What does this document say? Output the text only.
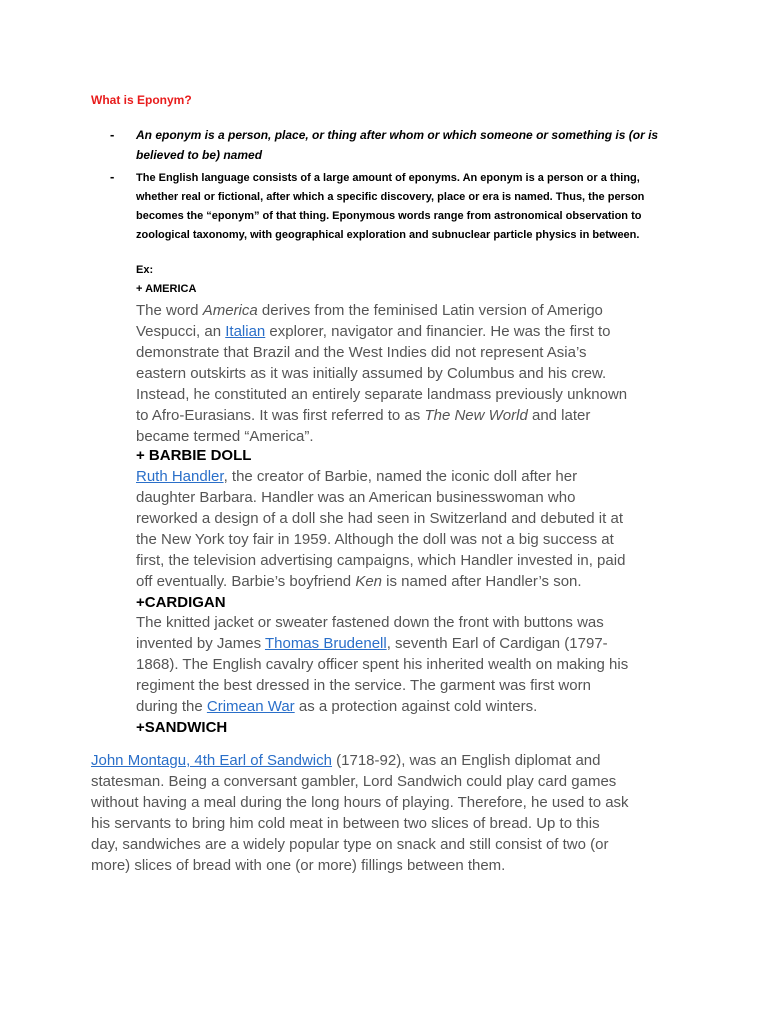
What is Eponym?
- An eponym is a person, place, or thing after whom or which someone or something is (or is believed to be) named
- The English language consists of a large amount of eponyms. An eponym is a person or a thing, whether real or fictional, after which a specific discovery, place or era is named. Thus, the person becomes the “eponym” of that thing. Eponymous words range from astronomical observation to zoological taxonomy, with geographical exploration and subnuclear particle physics in between.
Ex:
+ AMERICA
The word America derives from the feminised Latin version of Amerigo
Vespucci, an Italian explorer, navigator and financier. He was the first to
demonstrate that Brazil and the West Indies did not represent Asia’s
eastern outskirts as it was initially assumed by Columbus and his crew.
Instead, he constituted an entirely separate landmass previously unknown
to Afro-Eurasians. It was first referred to as The New World and later
became termed “America”.
+ BARBIE DOLL
Ruth Handler, the creator of Barbie, named the iconic doll after her
daughter Barbara. Handler was an American businesswoman who
reworked a design of a doll she had seen in Switzerland and debuted it at
the New York toy fair in 1959. Although the doll was not a big success at
first, the television advertising campaigns, which Handler invested in, paid
off eventually. Barbie’s boyfriend Ken is named after Handler’s son.
+CARDIGAN
The knitted jacket or sweater fastened down the front with buttons was
invented by James Thomas Brudenell, seventh Earl of Cardigan (1797-
1868). The English cavalry officer spent his inherited wealth on making his
regiment the best dressed in the service. The garment was first worn
during the Crimean War as a protection against cold winters.
+SANDWICH
John Montagu, 4th Earl of Sandwich (1718-92), was an English diplomat and
statesman. Being a conversant gambler, Lord Sandwich could play card games
without having a meal during the long hours of playing. Therefore, he used to ask
his servants to bring him cold meat in between two slices of bread. Up to this
day, sandwiches are a widely popular type on snack and still consist of two (or
more) slices of bread with one (or more) fillings between them.
